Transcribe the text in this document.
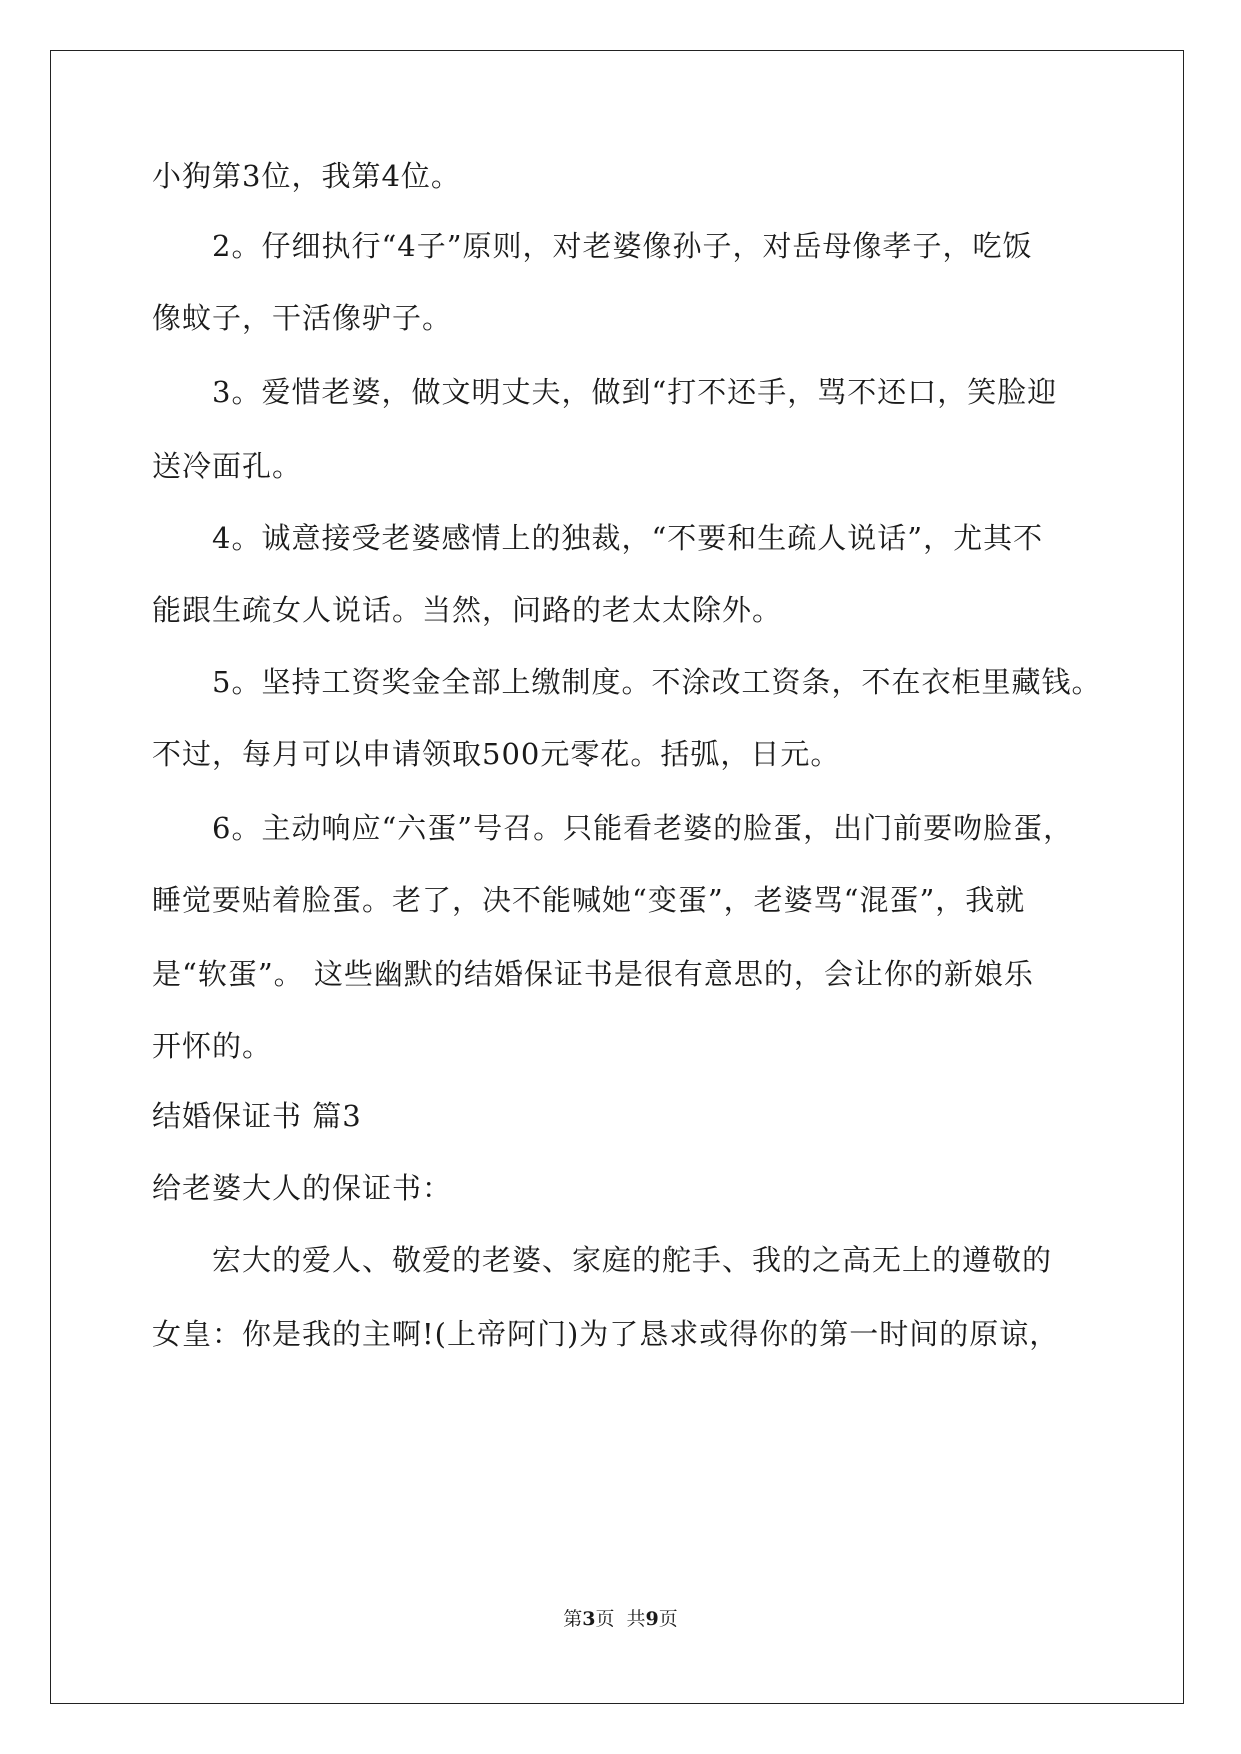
小狗第3位，我第4位。

2。仔细执行“4子”原则，对老婆像孙子，对岳母像孝子，吃饭

像蚊子，干活像驴子。

3。爱惜老婆，做文明丈夫，做到“打不还手，骂不还口，笑脸迎

送冷面孔。

4。诚意接受老婆感情上的独裁，“不要和生疏人说话”，尤其不

能跟生疏女人说话。当然，问路的老太太除外。

5。坚持工资奖金全部上缴制度。不涂改工资条，不在衣柜里藏钱。

不过，每月可以申请领取500元零花。括弧，日元。

6。主动响应“六蛋”号召。只能看老婆的脸蛋，出门前要吻脸蛋，

睡觉要贴着脸蛋。老了，决不能喊她“变蛋”，老婆骂“混蛋”，我就

是“软蛋”。 这些幽默的结婚保证书是很有意思的，会让你的新娘乐

开怀的。

结婚保证书 篇3

给老婆大人的保证书：

宏大的爱人、敬爱的老婆、家庭的舵手、我的之高无上的遵敬的

女皇：你是我的主啊!(上帝阿门)为了恳求或得你的第一时间的原谅，

第3页  共9页
